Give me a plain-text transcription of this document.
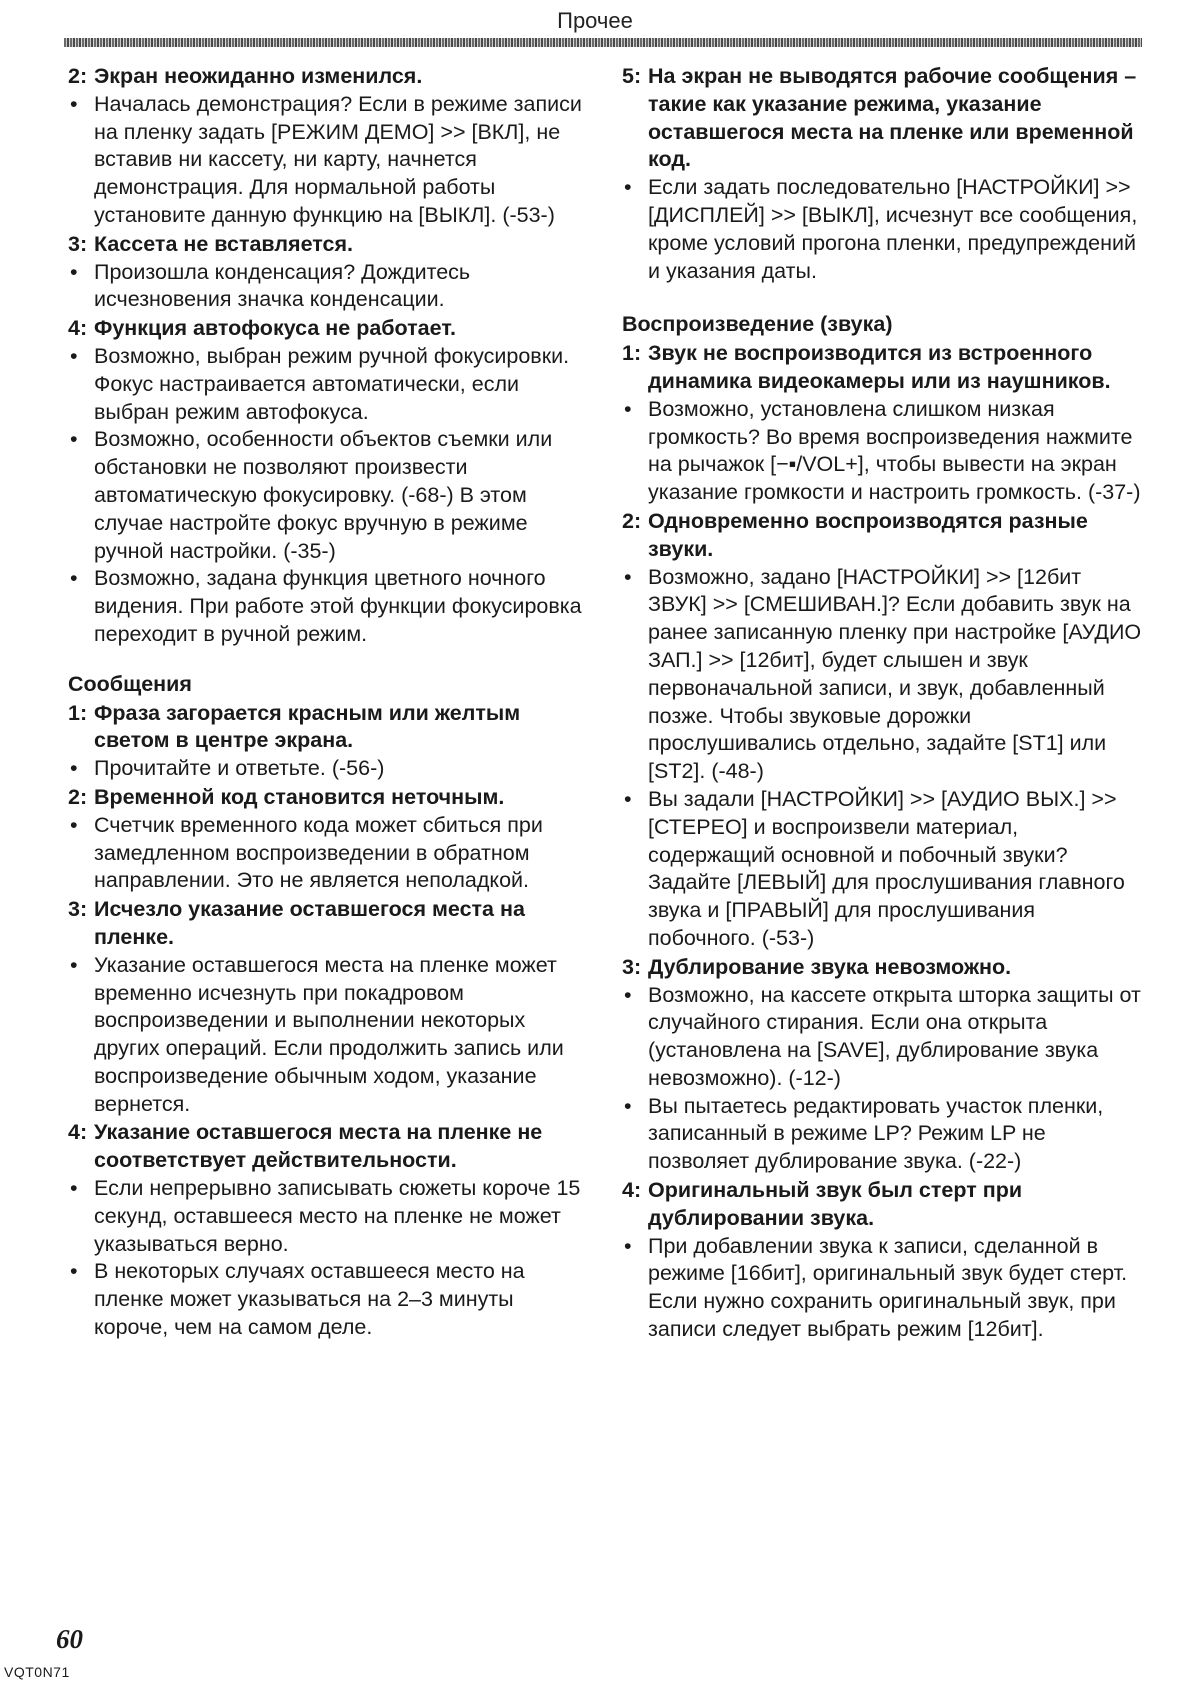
Прочее
2: Экран неожиданно изменился.
• Началась демонстрация? Если в режиме записи на пленку задать [РЕЖИМ ДЕМО] >> [ВКЛ], не вставив ни кассету, ни карту, начнется демонстрация. Для нормальной работы установите данную функцию на [ВЫКЛ]. (-53-)
3: Кассета не вставляется.
• Произошла конденсация? Дождитесь исчезновения значка конденсации.
4: Функция автофокуса не работает.
• Возможно, выбран режим ручной фокусировки. Фокус настраивается автоматически, если выбран режим автофокуса.
• Возможно, особенности объектов съемки или обстановки не позволяют произвести автоматическую фокусировку. (-68-) В этом случае настройте фокус вручную в режиме ручной настройки. (-35-)
• Возможно, задана функция цветного ночного видения. При работе этой функции фокусировка переходит в ручной режим.
Сообщения
1: Фраза загорается красным или желтым светом в центре экрана.
• Прочитайте и ответьте. (-56-)
2: Временной код становится неточным.
• Счетчик временного кода может сбиться при замедленном воспроизведении в обратном направлении. Это не является неполадкой.
3: Исчезло указание оставшегося места на пленке.
• Указание оставшегося места на пленке может временно исчезнуть при покадровом воспроизведении и выполнении некоторых других операций. Если продолжить запись или воспроизведение обычным ходом, указание вернется.
4: Указание оставшегося места на пленке не соответствует действительности.
• Если непрерывно записывать сюжеты короче 15 секунд, оставшееся место на пленке не может указываться верно.
• В некоторых случаях оставшееся место на пленке может указываться на 2–3 минуты короче, чем на самом деле.
5: На экран не выводятся рабочие сообщения – такие как указание режима, указание оставшегося места на пленке или временной код.
• Если задать последовательно [НАСТРОЙКИ] >> [ДИСПЛЕЙ] >> [ВЫКЛ], исчезнут все сообщения, кроме условий прогона пленки, предупреждений и указания даты.
Воспроизведение (звука)
1: Звук не воспроизводится из встроенного динамика видеокамеры или из наушников.
• Возможно, установлена слишком низкая громкость? Во время воспроизведения нажмите на рычажок [−▪/VOL+], чтобы вывести на экран указание громкости и настроить громкость. (-37-)
2: Одновременно воспроизводятся разные звуки.
• Возможно, задано [НАСТРОЙКИ] >> [12бит ЗВУК] >> [СМЕШИВАН.]? Если добавить звук на ранее записанную пленку при настройке [АУДИО ЗАП.] >> [12бит], будет слышен и звук первоначальной записи, и звук, добавленный позже. Чтобы звуковые дорожки прослушивались отдельно, задайте [ST1] или [ST2]. (-48-)
• Вы задали [НАСТРОЙКИ] >> [АУДИО ВЫХ.] >> [СТЕРЕО] и воспроизвели материал, содержащий основной и побочный звуки? Задайте [ЛЕВЫЙ] для прослушивания главного звука и [ПРАВЫЙ] для прослушивания побочного. (-53-)
3: Дублирование звука невозможно.
• Возможно, на кассете открыта шторка защиты от случайного стирания. Если она открыта (установлена на [SAVE], дублирование звука невозможно). (-12-)
• Вы пытаетесь редактировать участок пленки, записанный в режиме LP? Режим LP не позволяет дублирование звука. (-22-)
4: Оригинальный звук был стерт при дублировании звука.
• При добавлении звука к записи, сделанной в режиме [16бит], оригинальный звук будет стерт. Если нужно сохранить оригинальный звук, при записи следует выбрать режим [12бит].
60
VQT0N71
